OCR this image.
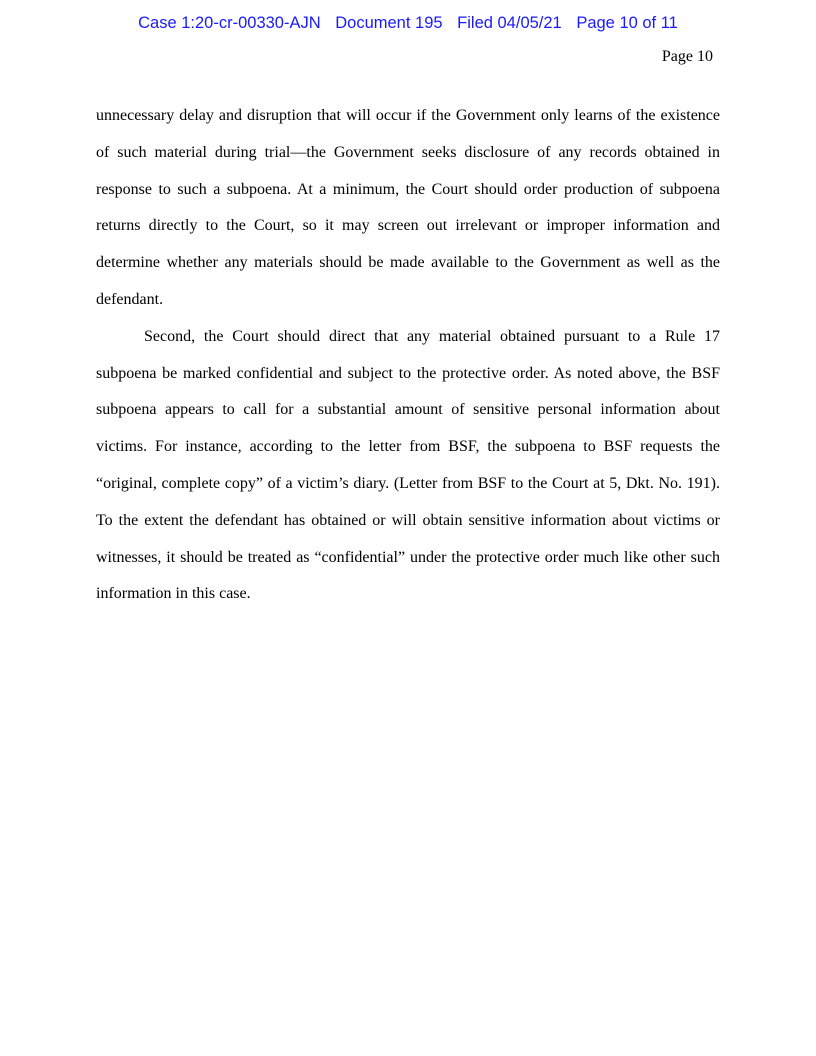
Case 1:20-cr-00330-AJN Document 195 Filed 04/05/21 Page 10 of 11
Page 10

unnecessary delay and disruption that will occur if the Government only learns of the existence of such material during trial—the Government seeks disclosure of any records obtained in response to such a subpoena. At a minimum, the Court should order production of subpoena returns directly to the Court, so it may screen out irrelevant or improper information and determine whether any materials should be made available to the Government as well as the defendant.

Second, the Court should direct that any material obtained pursuant to a Rule 17 subpoena be marked confidential and subject to the protective order. As noted above, the BSF subpoena appears to call for a substantial amount of sensitive personal information about victims. For instance, according to the letter from BSF, the subpoena to BSF requests the “original, complete copy” of a victim’s diary. (Letter from BSF to the Court at 5, Dkt. No. 191). To the extent the defendant has obtained or will obtain sensitive information about victims or witnesses, it should be treated as “confidential” under the protective order much like other such information in this case.
